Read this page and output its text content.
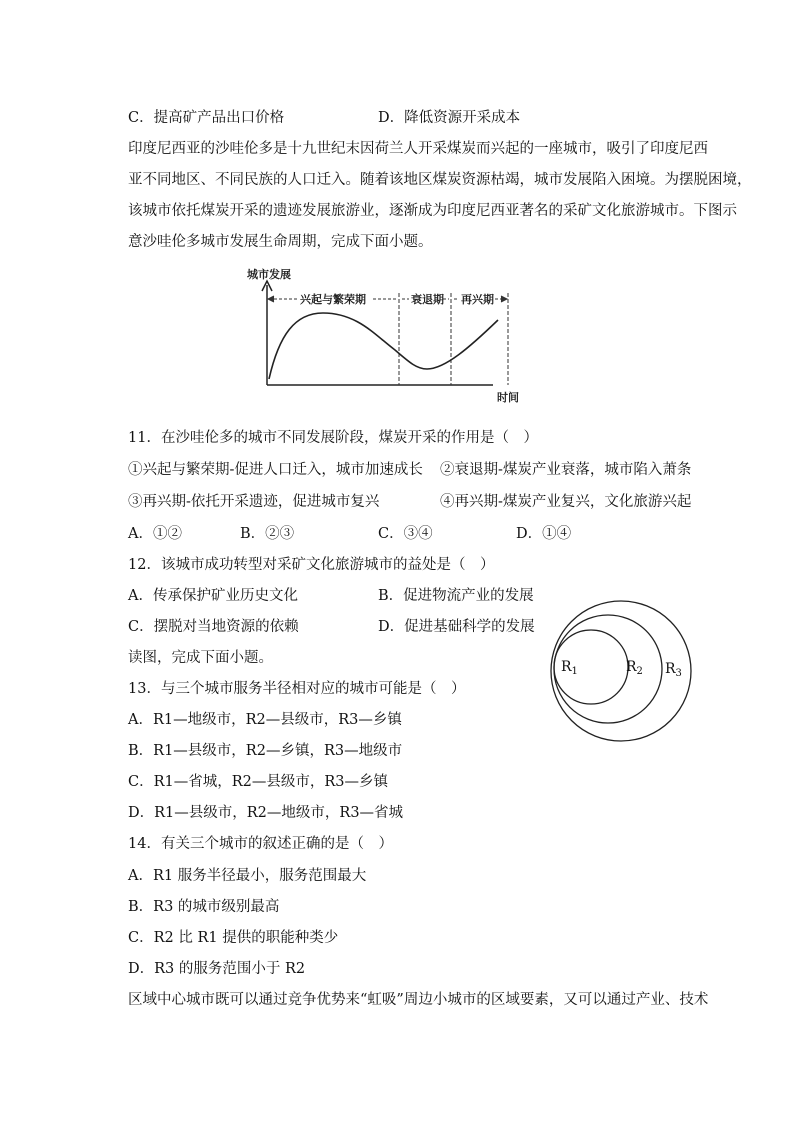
C．提高矿产品出口价格	D．降低资源开采成本
印度尼西亚的沙哇伦多是十九世纪末因荷兰人开采煤炭而兴起的一座城市，吸引了印度尼西
亚不同地区、不同民族的人口迁入。随着该地区煤炭资源枯竭，城市发展陷入困境。为摆脱困境，
该城市依托煤炭开采的遗迹发展旅游业，逐渐成为印度尼西亚著名的采矿文化旅游城市。下图示
意沙哇伦多城市发展生命周期，完成下面小题。
城市发展
时间
兴起与繁荣期	衰退期 再兴期
11．在沙哇伦多的城市不同发展阶段，煤炭开采的作用是（　）
①兴起与繁荣期-促进人口迁入，城市加速成长 ②衰退期-煤炭产业衰落，城市陷入萧条
③再兴期-依托开采遗迹，促进城市复兴	④再兴期-煤炭产业复兴，文化旅游兴起
A．①②	B．②③	C．③④	D．①④
12．该城市成功转型对采矿文化旅游城市的益处是（　）
A．传承保护矿业历史文化	B．促进物流产业的发展
C．摆脱对当地资源的依赖	D．促进基础科学的发展
读图，完成下面小题。
$R_1$	$R_2$ $R_3$
13．与三个城市服务半径相对应的城市可能是（　）
A．R1—地级市，R2—县级市，R3—乡镇
B．R1—县级市，R2—乡镇，R3—地级市
C．R1—省城，R2—县级市，R3—乡镇
D．R1—县级市，R2—地级市，R3—省城
14．有关三个城市的叙述正确的是（　）
A．R1 服务半径最小，服务范围最大
B．R3 的城市级别最高
C．R2 比 R1 提供的职能种类少
D．R3 的服务范围小于 R2
区域中心城市既可以通过竞争优势来“虹吸”周边小城市的区域要素，又可以通过产业、技术
